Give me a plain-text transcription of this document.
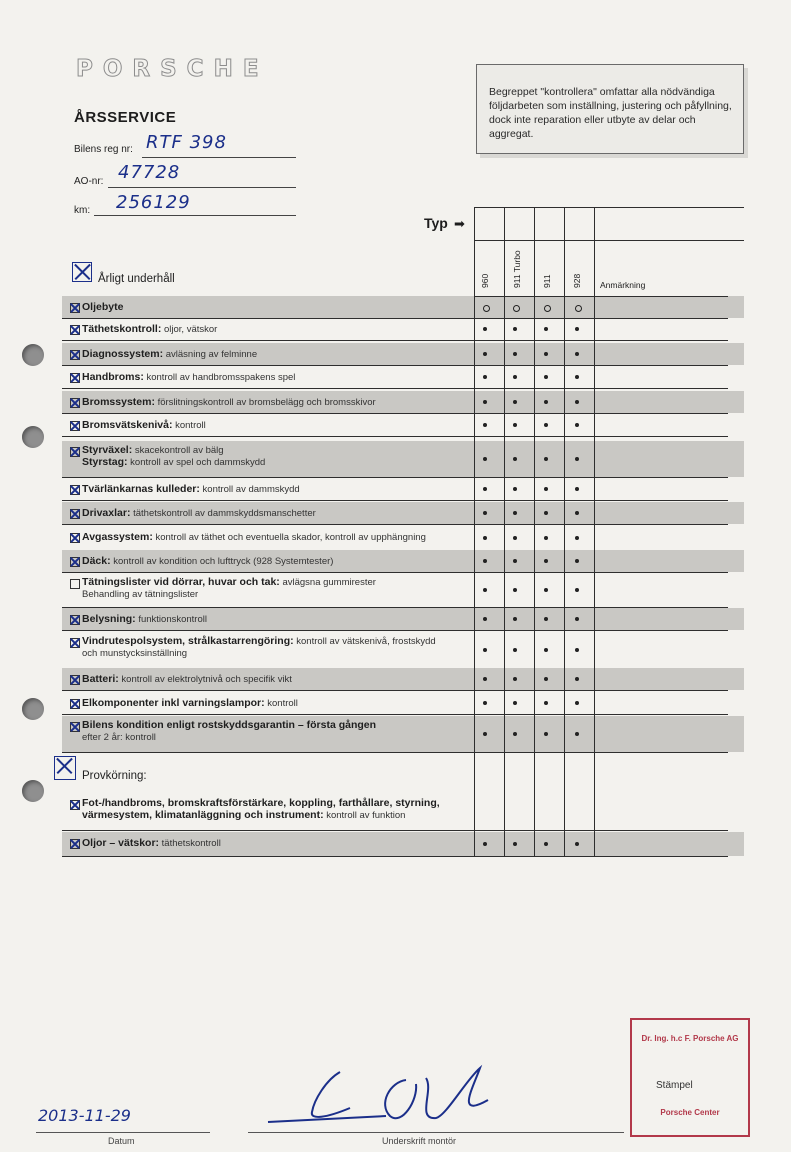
PORSCHE
Begreppet "kontrollera" omfattar alla nödvändiga följdarbeten som inställning, justering och påfyllning, dock inte reparation eller utbyte av delar och aggregat.
ÅRSSERVICE
Bilens reg nr: RTF 398
AO-nr: 47728
km: 256129
Typ ➡
960	911 Turbo 911 928 Anmärkning
Årligt underhåll
Oljebyte
Täthetskontroll: oljor, vätskor
Diagnossystem: avläsning av felminne
Handbroms: kontroll av handbromsspakens spel
Bromssystem: förslitningskontroll av bromsbelägg och bromsskivor
Bromsvätskenivå: kontroll
Styrväxel: skacekontroll av bälg
Styrstag: kontroll av spel och dammskydd
Tvärlänkarnas kulleder: kontroll av dammskydd
Drivaxlar: täthetskontroll av dammskyddsmanschetter
Avgassystem: kontroll av täthet och eventuella skador, kontroll av upphängning
Däck: kontroll av kondition och lufttryck (928 Systemtester)
Tätningslister vid dörrar, huvar och tak: avlägsna gummirester
Behandling av tätningslister
Belysning: funktionskontroll
Vindrutespolsystem, strålkastarrengöring: kontroll av vätskenivå, frostskydd
och munstycksinställning
Batteri: kontroll av elektrolytnivå och specifik vikt
Elkomponenter inkl varningslampor: kontroll
Bilens kondition enligt rostskyddsgarantin – första gången
efter 2 år: kontroll
Fot-/handbroms, bromskraftsförstärkare, koppling, farthållare, styrning,
värmesystem, klimatanläggning och instrument: kontroll av funktion
Oljor – vätskor: täthetskontroll
Provkörning:
2013-11-29
Datum	Underskrift montör
Dr. Ing. h.c F. Porsche AG
Stämpel
Porsche Center
